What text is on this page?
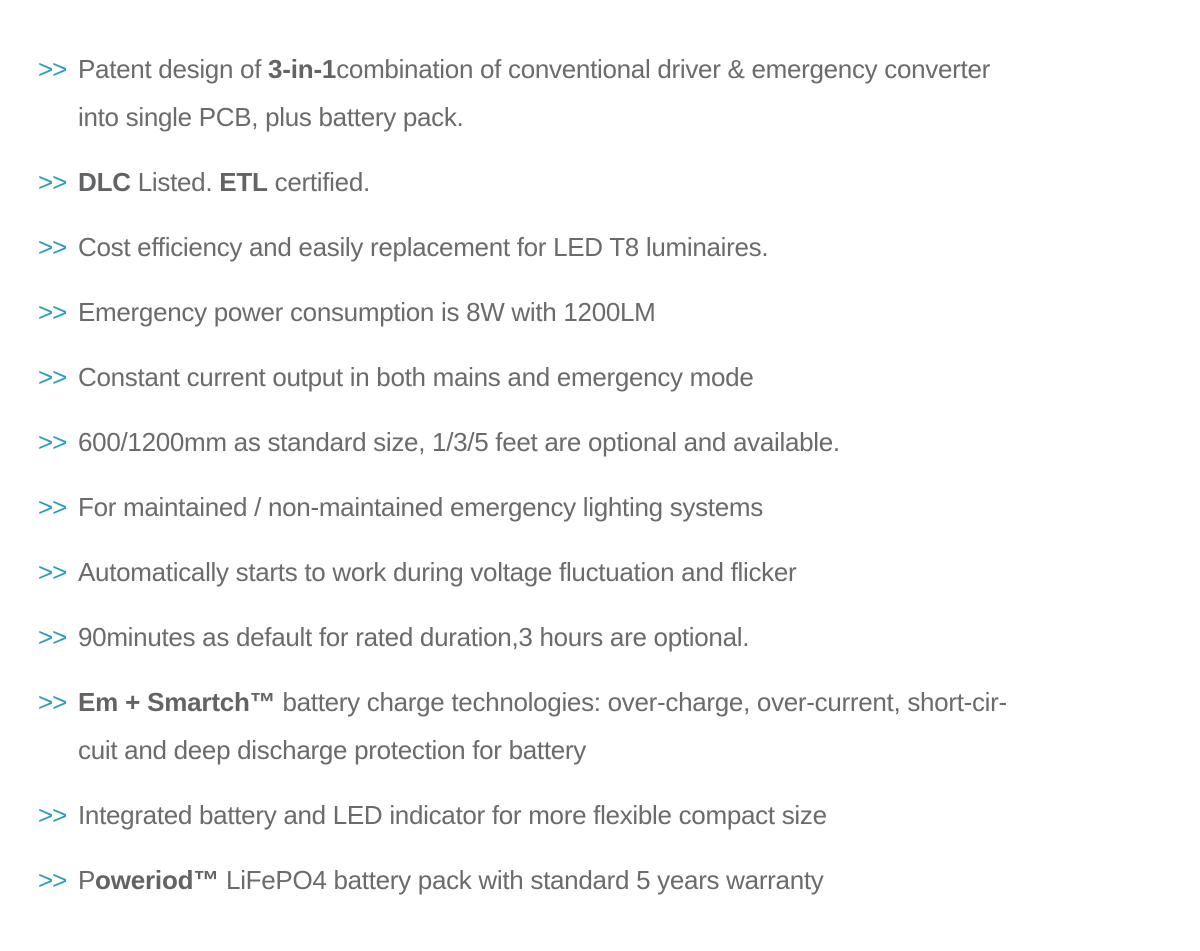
>> Patent design of 3-in-1combination of conventional driver & emergency converter
into single PCB, plus battery pack.
>> DLC Listed. ETL certified.
>> Cost efficiency and easily replacement for LED T8 luminaires.
>> Emergency power consumption is 8W with 1200LM
>> Constant current output in both mains and emergency mode
>> 600/1200mm as standard size, 1/3/5 feet are optional and available.
>> For maintained / non-maintained emergency lighting systems
>> Automatically starts to work during voltage fluctuation and flicker
>> 90minutes as default for rated duration,3 hours are optional.
>> Em + Smartch™ battery charge technologies: over-charge, over-current, short-cir-
cuit and deep discharge protection for battery
>> Integrated battery and LED indicator for more flexible compact size
>> Poweriod™ LiFePO4 battery pack with standard 5 years warranty
